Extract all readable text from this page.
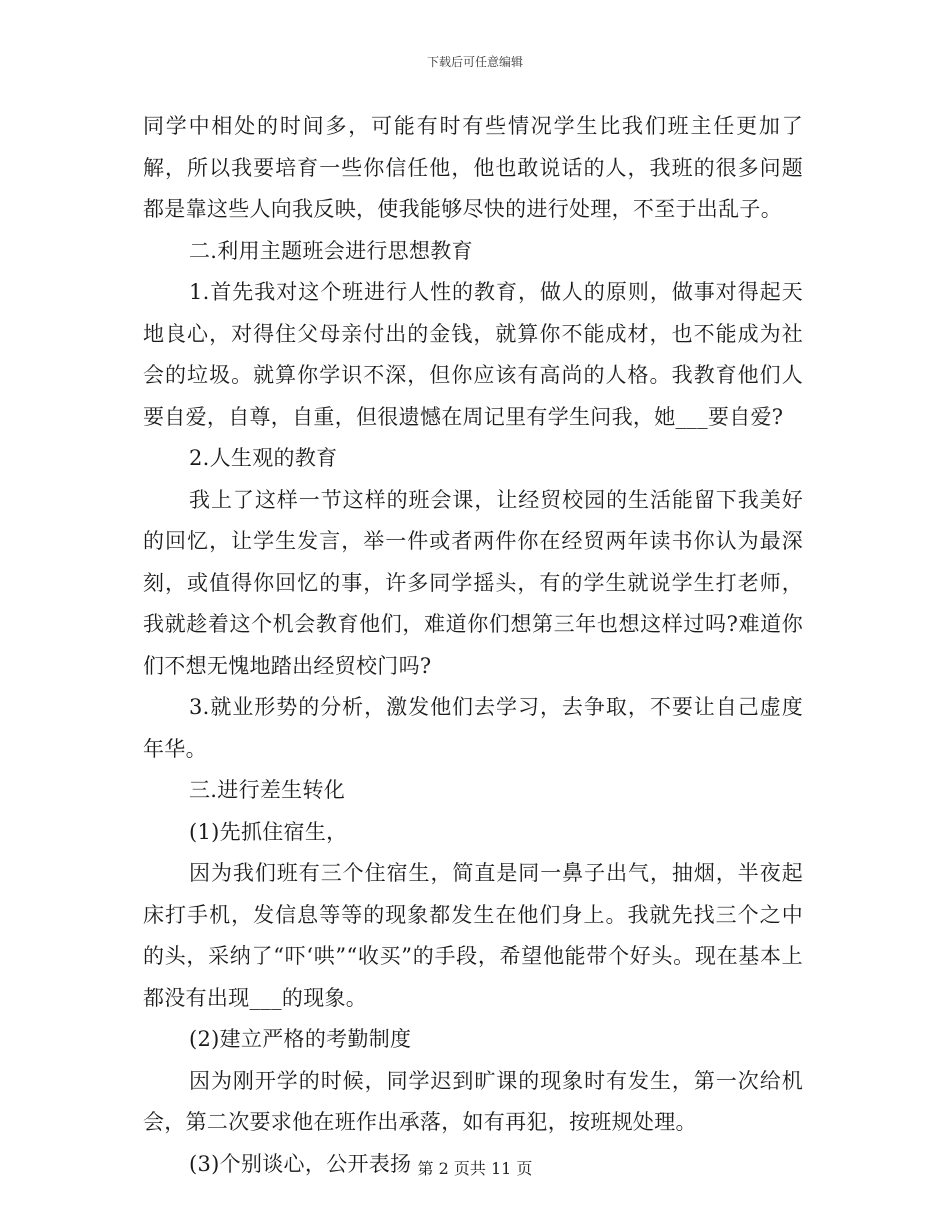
下载后可任意编辑

同学中相处的时间多，可能有时有些情况学生比我们班主任更加了解，所以我要培育一些你信任他，他也敢说话的人，我班的很多问题都是靠这些人向我反映，使我能够尽快的进行处理，不至于出乱子。

二.利用主题班会进行思想教育

1.首先我对这个班进行人性的教育，做人的原则，做事对得起天地良心，对得住父母亲付出的金钱，就算你不能成材，也不能成为社会的垃圾。就算你学识不深，但你应该有高尚的人格。我教育他们人要自爱，自尊，自重，但很遗憾在周记里有学生问我，她___要自爱?

2.人生观的教育

我上了这样一节这样的班会课，让经贸校园的生活能留下我美好的回忆，让学生发言，举一件或者两件你在经贸两年读书你认为最深刻，或值得你回忆的事，许多同学摇头，有的学生就说学生打老师，我就趁着这个机会教育他们，难道你们想第三年也想这样过吗?难道你们不想无愧地踏出经贸校门吗?

3.就业形势的分析，激发他们去学习，去争取，不要让自己虚度年华。

三.进行差生转化

(1)先抓住宿生，

因为我们班有三个住宿生，简直是同一鼻子出气，抽烟，半夜起床打手机，发信息等等的现象都发生在他们身上。我就先找三个之中的头，采纳了“吓‘哄”“收买”的手段，希望他能带个好头。现在基本上都没有出现___的现象。

(2)建立严格的考勤制度

因为刚开学的时候，同学迟到旷课的现象时有发生，第一次给机会，第二次要求他在班作出承落，如有再犯，按班规处理。

(3)个别谈心，公开表扬 第 2 页共 11 页
